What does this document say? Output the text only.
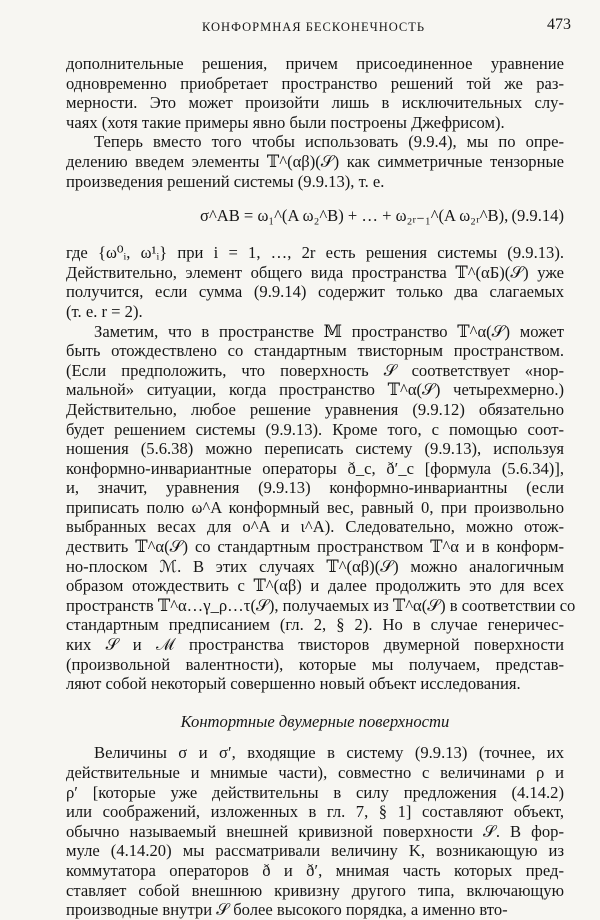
КОНФОРМНАЯ БЕСКОНЕЧНОСТЬ	473
дополнительные решения, причем присоединенное уравнение
одновременно приобретает пространство решений той же раз-
мерности. Это может произойти лишь в исключительных слу-
чаях (хотя такие примеры явно были построены Джефрисом).
Теперь вместо того чтобы использовать (9.9.4), мы по опре-
делению введем элементы 𝕋^(αβ)(𝒮) как симметричные тензорные
произведения решений системы (9.9.13), т. е.
σ^AB = ω₁^(A ω₂^B) + … + ω₂ᵣ₋₁^(A ω₂ᵣ^B), (9.9.14)
где {ω⁰ᵢ, ω¹ᵢ} при i = 1, …, 2r есть решения системы (9.9.13).
Действительно, элемент общего вида пространства 𝕋^(αБ)(𝒮) уже
получится, если сумма (9.9.14) содержит только два слагаемых
(т. е. r = 2).
Заметим, что в пространстве 𝕄 пространство 𝕋^α(𝒮) может
быть отождествлено со стандартным твисторным пространством.
(Если предположить, что поверхность 𝒮 соответствует «нор-
мальной» ситуации, когда пространство 𝕋^α(𝒮) четырехмерно.)
Действительно, любое решение уравнения (9.9.12) обязательно
будет решением системы (9.9.13). Кроме того, с помощью соот-
ношения (5.6.38) можно переписать систему (9.9.13), используя
конформно-инвариантные операторы ð_c, ð′_c [формула (5.6.34)],
и, значит, уравнения (9.9.13) конформно-инвариантны (если
приписать полю ω^A конформный вес, равный 0, при произвольно
выбранных весах для o^A и ι^A). Следовательно, можно отож-
дествить 𝕋^α(𝒮) со стандартным пространством 𝕋^α и в конформ-
но-плоском ℳ. В этих случаях 𝕋^(αβ)(𝒮) можно аналогичным
образом отождествить с 𝕋^(αβ) и далее продолжить это для всех
пространств 𝕋^α…γ_ρ…τ(𝒮), получаемых из 𝕋^α(𝒮) в соответствии со
стандартным предписанием (гл. 2, § 2). Но в случае генеричес-
ких 𝒮 и ℳ пространства твисторов двумерной поверхности
(произвольной валентности), которые мы получаем, представ-
ляют собой некоторый совершенно новый объект исследования.
Контортные двумерные поверхности
Величины σ и σ′, входящие в систему (9.9.13) (точнее, их
действительные и мнимые части), совместно с величинами ρ и
ρ′ [которые уже действительны в силу предложения (4.14.2)
или соображений, изложенных в гл. 7, § 1] составляют объект,
обычно называемый внешней кривизной поверхности 𝒮. В фор-
муле (4.14.20) мы рассматривали величину K, возникающую из
коммутатора операторов ð и ð′, мнимая часть которых пред-
ставляет собой внешнюю кривизну другого типа, включающую
производные внутри 𝒮 более высокого порядка, а именно вто-
